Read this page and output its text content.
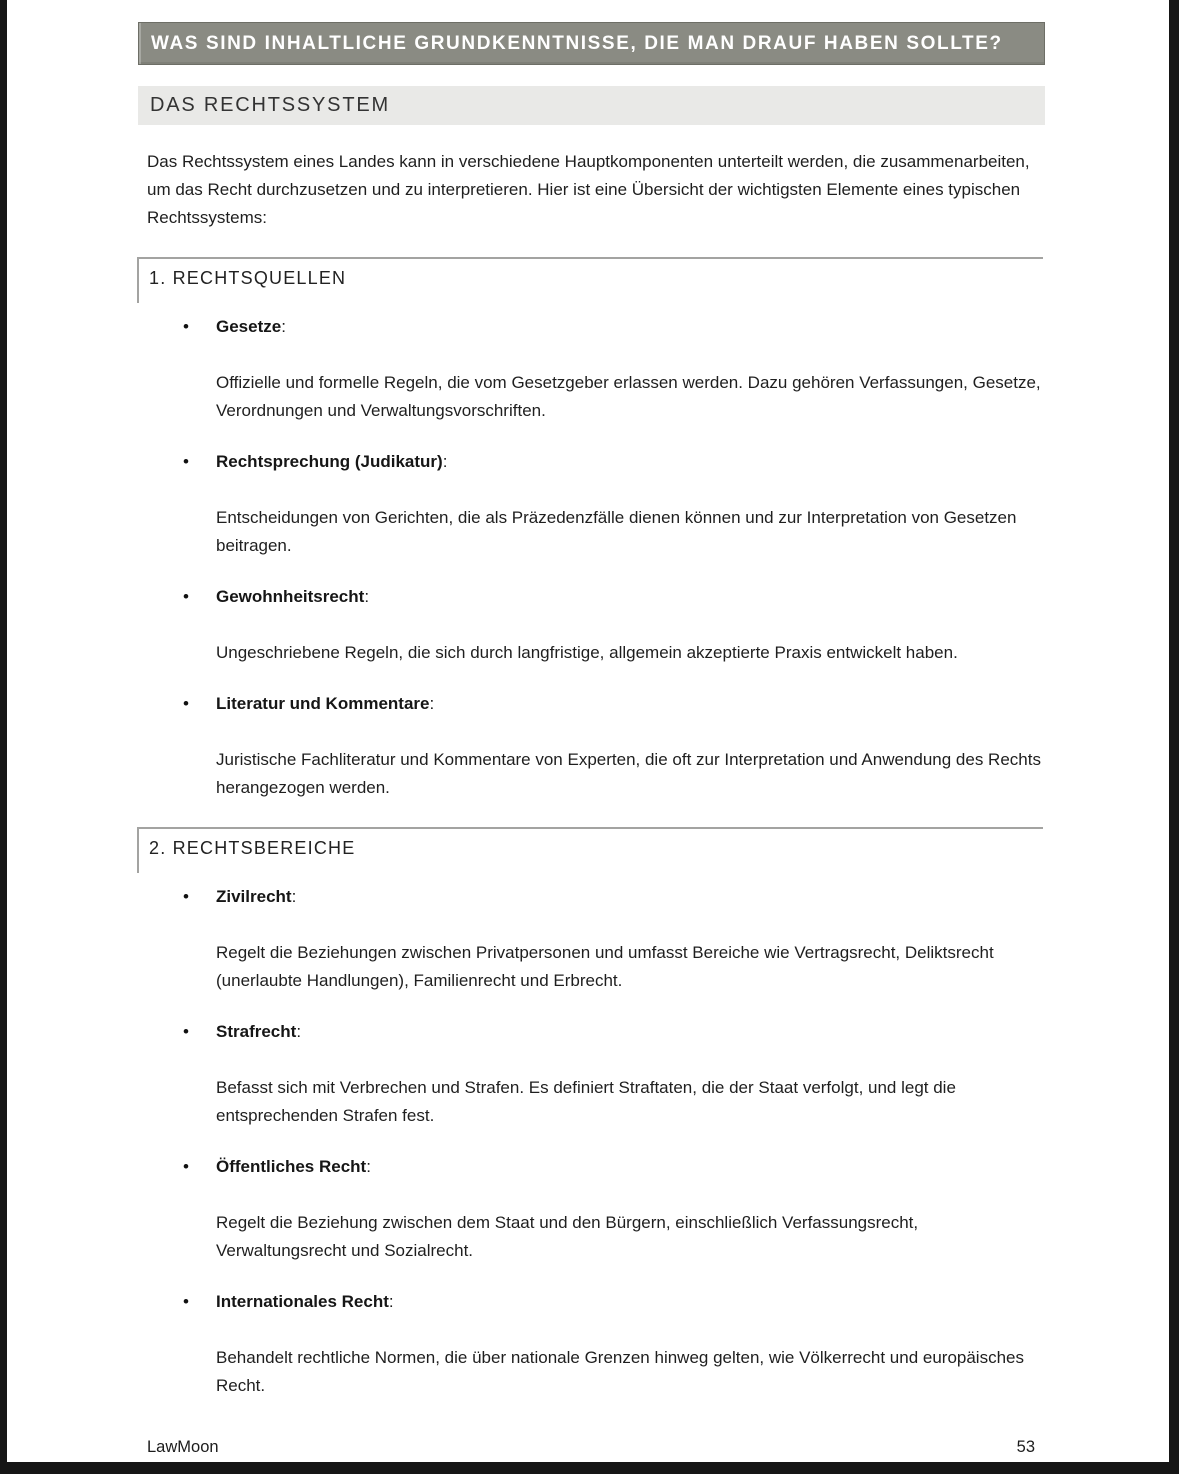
WAS SIND INHALTLICHE GRUNDKENNTNISSE, DIE MAN DRAUF HABEN SOLLTE?
DAS RECHTSSYSTEM

Das Rechtssystem eines Landes kann in verschiedene Hauptkomponenten unterteilt werden, die zusammenarbeiten, um das Recht durchzusetzen und zu interpretieren. Hier ist eine Übersicht der wichtigsten Elemente eines typischen Rechtssystems:

1. RECHTSQUELLEN
• Gesetze:

Offizielle und formelle Regeln, die vom Gesetzgeber erlassen werden. Dazu gehören Verfassungen, Gesetze, Verordnungen und Verwaltungsvorschriften.

• Rechtsprechung (Judikatur):

Entscheidungen von Gerichten, die als Präzedenzfälle dienen können und zur Interpretation von Gesetzen beitragen.

• Gewohnheitsrecht:

Ungeschriebene Regeln, die sich durch langfristige, allgemein akzeptierte Praxis entwickelt haben.

• Literatur und Kommentare:

Juristische Fachliteratur und Kommentare von Experten, die oft zur Interpretation und Anwendung des Rechts herangezogen werden.

2. RECHTSBEREICHE
• Zivilrecht:

Regelt die Beziehungen zwischen Privatpersonen und umfasst Bereiche wie Vertragsrecht, Deliktsrecht (unerlaubte Handlungen), Familienrecht und Erbrecht.

• Strafrecht:

Befasst sich mit Verbrechen und Strafen. Es definiert Straftaten, die der Staat verfolgt, und legt die entsprechenden Strafen fest.

• Öffentliches Recht:

Regelt die Beziehung zwischen dem Staat und den Bürgern, einschließlich Verfassungsrecht, Verwaltungsrecht und Sozialrecht.

• Internationales Recht:

Behandelt rechtliche Normen, die über nationale Grenzen hinweg gelten, wie Völkerrecht und europäisches Recht.

LawMoon	53
